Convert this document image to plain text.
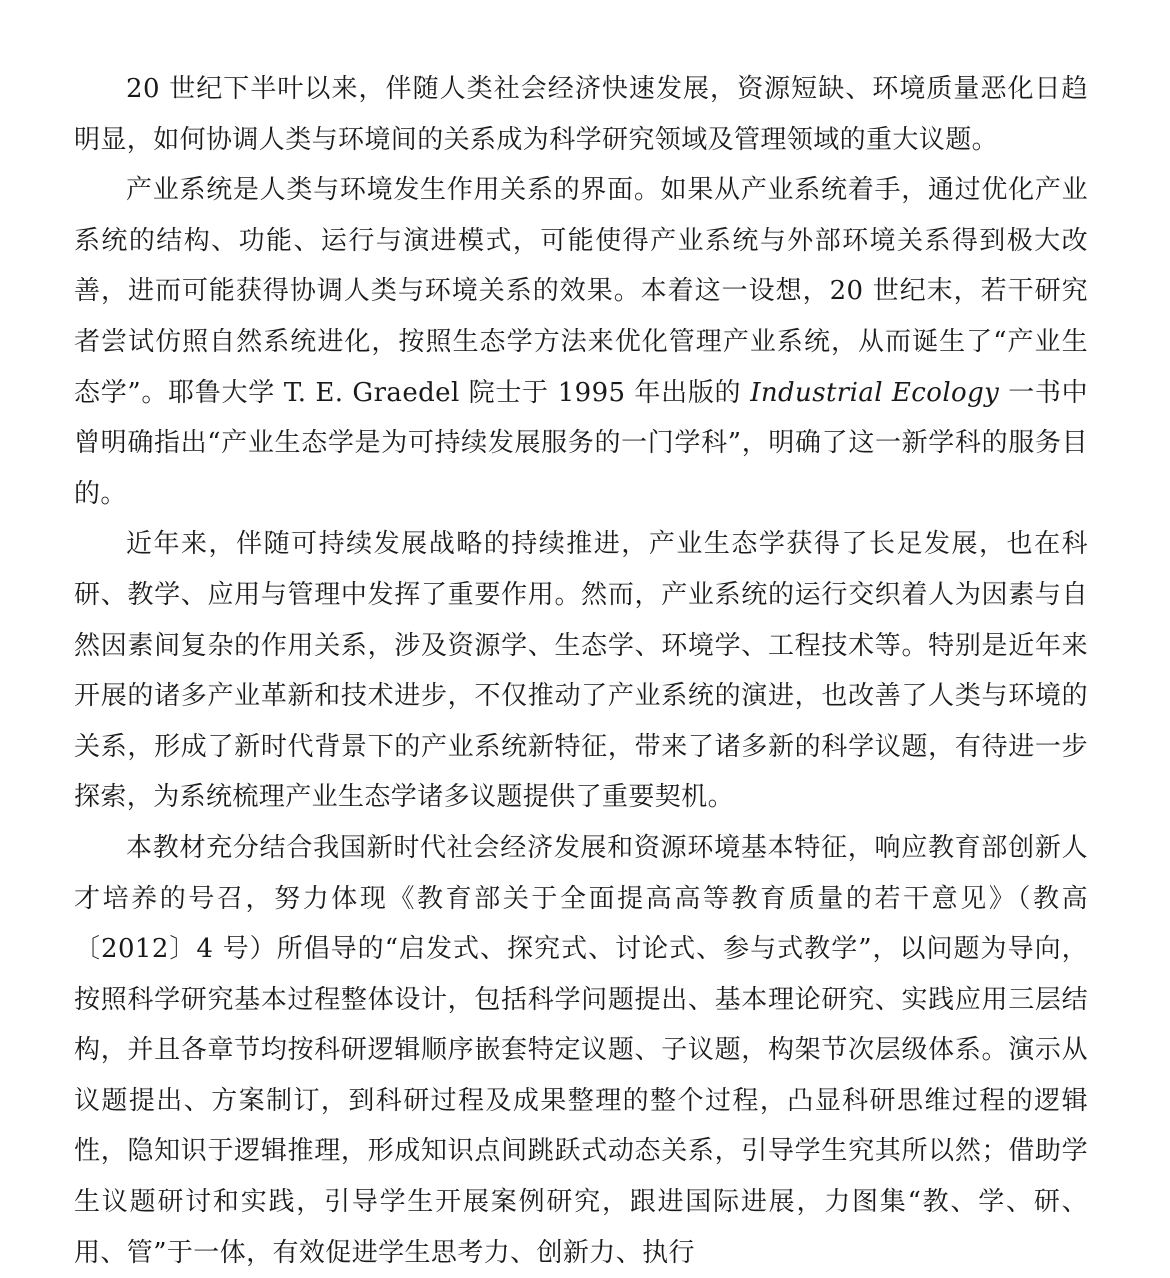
20 世纪下半叶以来，伴随人类社会经济快速发展，资源短缺、环境质量恶化日趋明显，如何协调人类与环境间的关系成为科学研究领域及管理领域的重大议题。

产业系统是人类与环境发生作用关系的界面。如果从产业系统着手，通过优化产业系统的结构、功能、运行与演进模式，可能使得产业系统与外部环境关系得到极大改善，进而可能获得协调人类与环境关系的效果。本着这一设想，20 世纪末，若干研究者尝试仿照自然系统进化，按照生态学方法来优化管理产业系统，从而诞生了“产业生态学”。耶鲁大学 T. E. Graedel 院士于 1995 年出版的 Industrial Ecology 一书中曾明确指出“产业生态学是为可持续发展服务的一门学科”，明确了这一新学科的服务目的。

近年来，伴随可持续发展战略的持续推进，产业生态学获得了长足发展，也在科研、教学、应用与管理中发挥了重要作用。然而，产业系统的运行交织着人为因素与自然因素间复杂的作用关系，涉及资源学、生态学、环境学、工程技术等。特别是近年来开展的诸多产业革新和技术进步，不仅推动了产业系统的演进，也改善了人类与环境的关系，形成了新时代背景下的产业系统新特征，带来了诸多新的科学议题，有待进一步探索，为系统梳理产业生态学诸多议题提供了重要契机。

本教材充分结合我国新时代社会经济发展和资源环境基本特征，响应教育部创新人才培养的号召，努力体现《教育部关于全面提高高等教育质量的若干意见》（教高〔2012〕4 号）所倡导的“启发式、探究式、讨论式、参与式教学”，以问题为导向，按照科学研究基本过程整体设计，包括科学问题提出、基本理论研究、实践应用三层结构，并且各章节均按科研逻辑顺序嵌套特定议题、子议题，构架节次层级体系。演示从议题提出、方案制订，到科研过程及成果整理的整个过程，凸显科研思维过程的逻辑性，隐知识于逻辑推理，形成知识点间跳跃式动态关系，引导学生究其所以然；借助学生议题研讨和实践，引导学生开展案例研究，跟进国际进展，力图集“教、学、研、用、管”于一体，有效促进学生思考力、创新力、执行
